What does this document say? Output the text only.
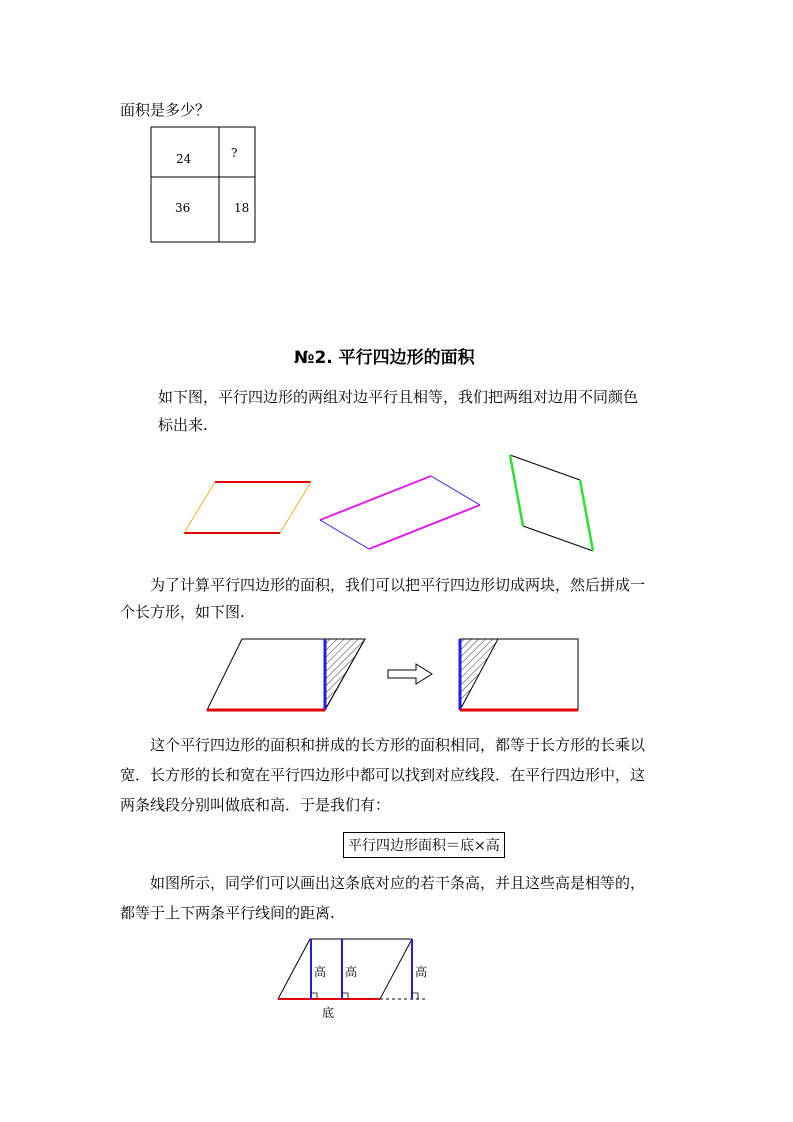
面积是多少？
24	?
36	18
№2. 平行四边形的面积
如下图，平行四边形的两组对边平行且相等，我们把两组对边用不同颜色
标出来.
为了计算平行四边形的面积，我们可以把平行四边形切成两块，然后拼成一
个长方形，如下图.
这个平行四边形的面积和拼成的长方形的面积相同，都等于长方形的长乘以
宽．长方形的长和宽在平行四边形中都可以找到对应线段．在平行四边形中，这
两条线段分别叫做底和高．于是我们有：
平行四边形面积＝底×高
如图所示，同学们可以画出这条底对应的若干条高，并且这些高是相等的，
都等于上下两条平行线间的距离.
高 高	高
底
